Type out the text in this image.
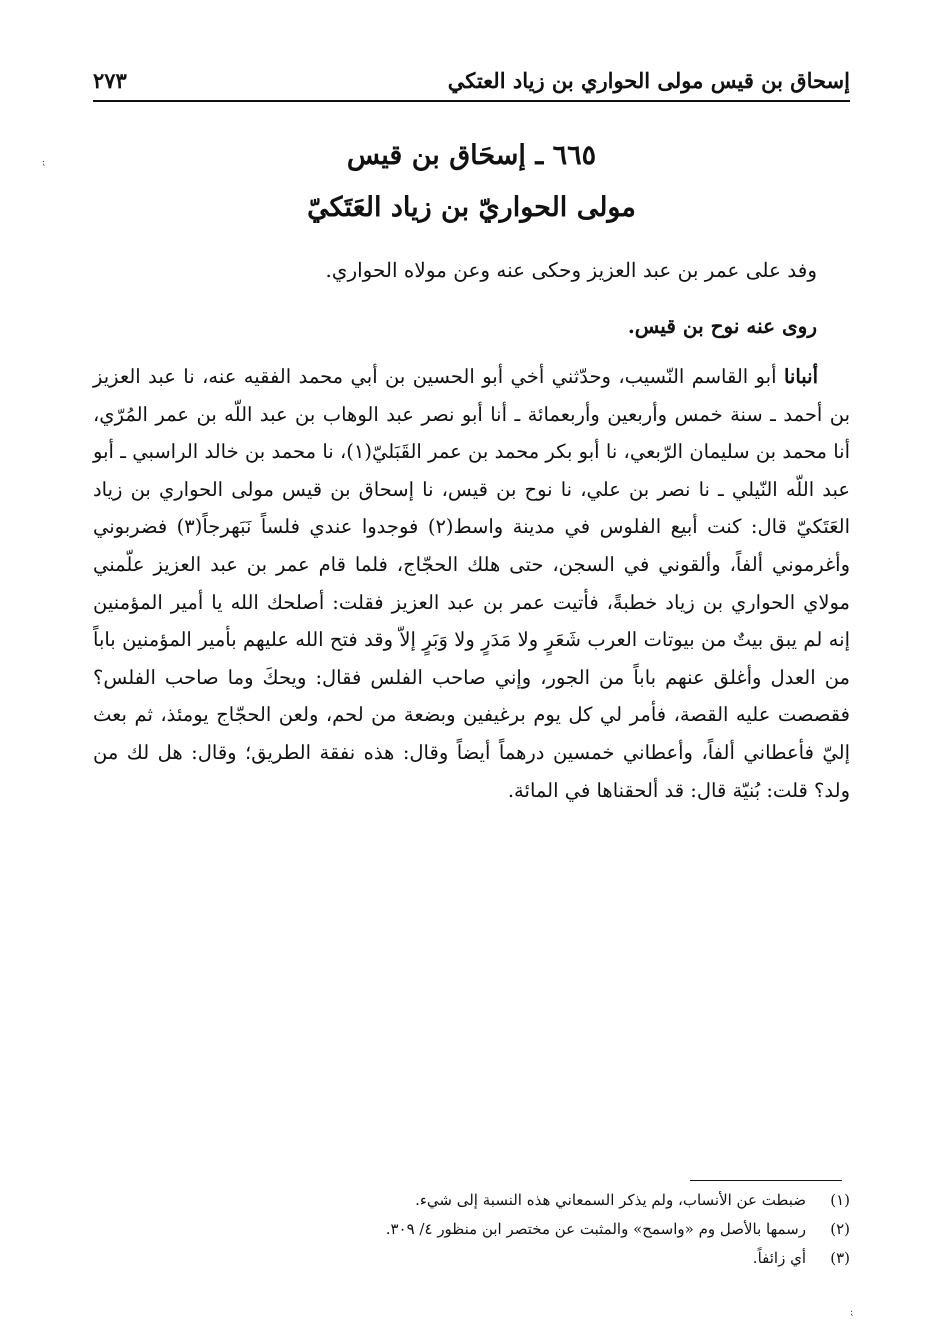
إسحاق بن قيس مولى الحواري بن زياد العتكي
٢٧٣
٦٦٥ ـ إسحَاق بن قيس
مولى الحواريّ بن زياد العَتَكيّ
وفد على عمر بن عبد العزيز وحكى عنه وعن مولاه الحواري.
روى عنه نوح بن قيس.

أنبانا أبو القاسم النّسيب، وحدّثني أخي أبو الحسين بن أبي محمد الفقيه عنه، نا عبد العزيز بن أحمد ـ سنة خمس وأربعين وأربعمائة ـ أنا أبو نصر عبد الوهاب بن عبد اللّه بن عمر المُرّي، أنا محمد بن سليمان الرّبعي، نا أبو بكر محمد بن عمر القَبَليّ(١)، نا محمد بن خالد الراسبي ـ أبو عبد اللّه النّيلي ـ نا نصر بن علي، نا نوح بن قيس، نا إسحاق بن قيس مولى الحواري بن زياد العَتَكيّ قال: كنت أبيع الفلوس في مدينة واسط(٢) فوجدوا عندي فلساً نَبَهرجاً(٣) فضربوني وأغرموني ألفاً، وألقوني في السجن، حتى هلك الحجّاج، فلما قام عمر بن عبد العزيز علّمني مولاي الحواري بن زياد خطبةً، فأتيت عمر بن عبد العزيز فقلت: أصلحك الله يا أمير المؤمنين إنه لم يبق بيتٌ من بيوتات العرب شَعَرٍ ولا مَدَرٍ ولا وَبَرٍ إلاّ وقد فتح الله عليهم بأمير المؤمنين باباً من العدل وأغلق عنهم باباً من الجور، وإني صاحب الفلس فقال: ويحكَ وما صاحب الفلس؟ فقصصت عليه القصة، فأمر لي كل يوم برغيفين وبضعة من لحم، ولعن الحجّاج يومئذ، ثم بعث إليّ فأعطاني ألفاً، وأعطاني خمسين درهماً أيضاً وقال: هذه نفقة الطريق؛ وقال: هل لك من ولد؟ قلت: بُنيّة قال: قد ألحقناها في المائة.

(١)ضبطت عن الأنساب، ولم يذكر السمعاني هذه النسبة إلى شيء.
(٢)رسمها بالأصل وم «واسمح» والمثبت عن مختصر ابن منظور ٤/ ٣٠٩.
(٣)أي زائفاً.
⁏
⁏
